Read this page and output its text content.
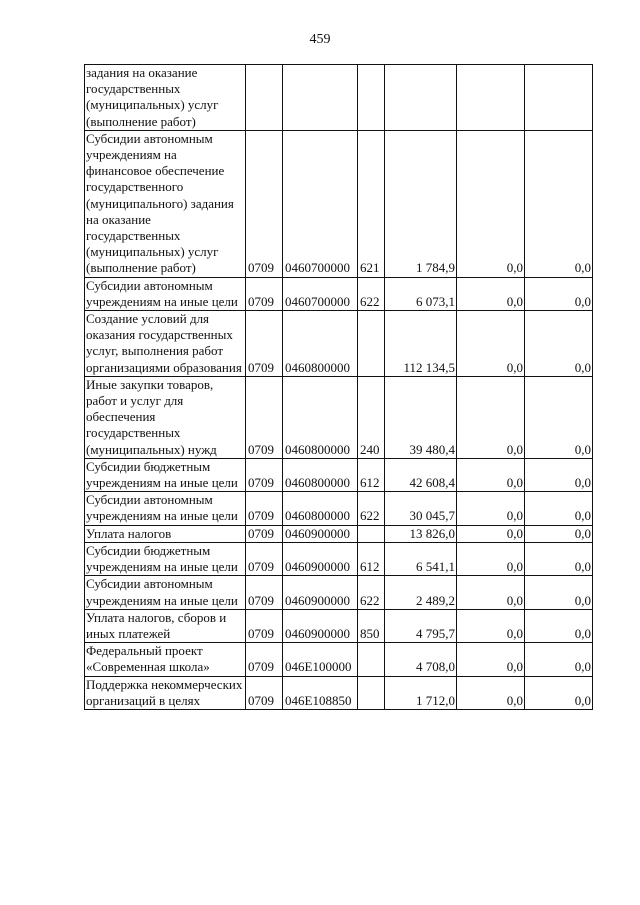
459
задания на оказание государственных (муниципальных) услуг (выполнение работ)						
Субсидии автономным учреждениям на финансовое обеспечение государственного (муниципального) задания на оказание государственных (муниципальных) услуг (выполнение работ)	0709	0460700000	621	1 784,9	0,0	0,0
Субсидии автономным учреждениям на иные цели	0709	0460700000	622	6 073,1	0,0	0,0
Создание условий для оказания государственных услуг, выполнения работ организациями образования	0709	0460800000		112 134,5	0,0	0,0
Иные закупки товаров, работ и услуг для обеспечения государственных (муниципальных) нужд	0709	0460800000	240	39 480,4	0,0	0,0
Субсидии бюджетным учреждениям на иные цели	0709	0460800000	612	42 608,4	0,0	0,0
Субсидии автономным учреждениям на иные цели	0709	0460800000	622	30 045,7	0,0	0,0
Уплата налогов	0709	0460900000		13 826,0	0,0	0,0
Субсидии бюджетным учреждениям на иные цели	0709	0460900000	612	6 541,1	0,0	0,0
Субсидии автономным учреждениям на иные цели	0709	0460900000	622	2 489,2	0,0	0,0
Уплата налогов, сборов и иных платежей	0709	0460900000	850	4 795,7	0,0	0,0
Федеральный проект «Современная школа»	0709	046E100000		4 708,0	0,0	0,0
Поддержка некоммерческих организаций в целях	0709	046E108850		1 712,0	0,0	0,0
